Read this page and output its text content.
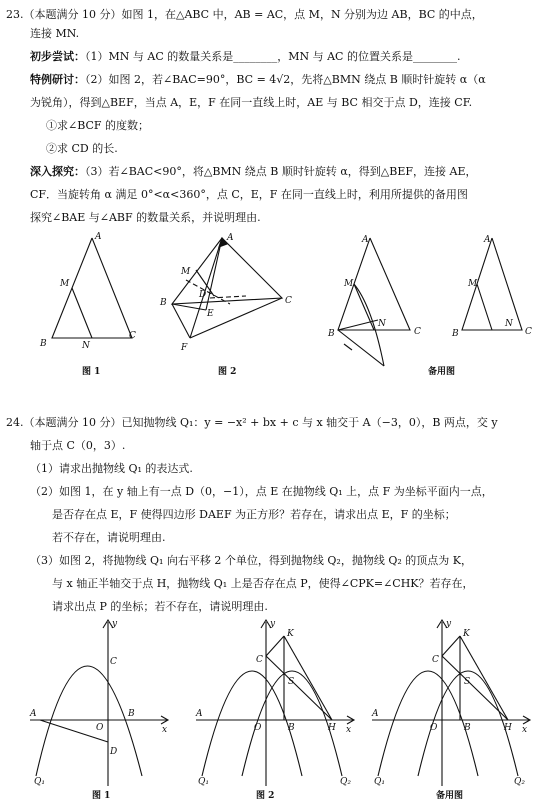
23.（本题满分 10 分）如图 1，在△ABC 中，AB = AC，点 M，N 分别为边 AB，BC 的中点，
连接 MN.
初步尝试：（1）MN 与 AC 的数量关系是________，MN 与 AC 的位置关系是________.
特例研讨：（2）如图 2，若∠BAC=90°，BC = 4√2，先将△BMN 绕点 B 顺时针旋转 α（α
为锐角），得到△BEF，当点 A，E，F 在同一直线上时，AE 与 BC 相交于点 D，连接 CF.
①求∠BCF 的度数；
②求 CD 的长.
深入探究：（3）若∠BAC<90°，将△BMN 绕点 B 顺时针旋转 α，得到△BEF，连接 AE，
CF．当旋转角 α 满足 0°<α<360°，点 C，E，F 在同一直线上时，利用所提供的备用图
探究∠BAE 与∠ABF 的数量关系，并说明理由.
A
M
B	N
C
A
M
B
D
E
C
F
A
M
B
N
C
A
M
B
N
C
图 1	图 2	备用图
24.（本题满分 10 分）已知抛物线 Q₁：y = −x² + bx + c 与 x 轴交于 A（−3，0），B 两点，交 y
轴于点 C（0，3）.
（1）请求出抛物线 Q₁ 的表达式.
（2）如图 1，在 y 轴上有一点 D（0，−1），点 E 在抛物线 Q₁ 上，点 F 为坐标平面内一点，
是否存在点 E，F 使得四边形 DAEF 为正方形？若存在，请求出点 E，F 的坐标；
若不存在，请说明理由.
（3）如图 2，将抛物线 Q₁ 向右平移 2 个单位，得到抛物线 Q₂，抛物线 Q₂ 的顶点为 K，
与 x 轴正半轴交于点 H，抛物线 Q₁ 上是否存在点 P，使得∠CPK=∠CHK？若存在，
请求出点 P 的坐标；若不存在，请说明理由.
y
C
A
O
B
x
D
Q₁
y
K
C
S
A
O	B	H x
Q₁	Q₂
y
K
C
S
A
O	B	H x
Q₁	Q₂
图 1	图 2	备用图
